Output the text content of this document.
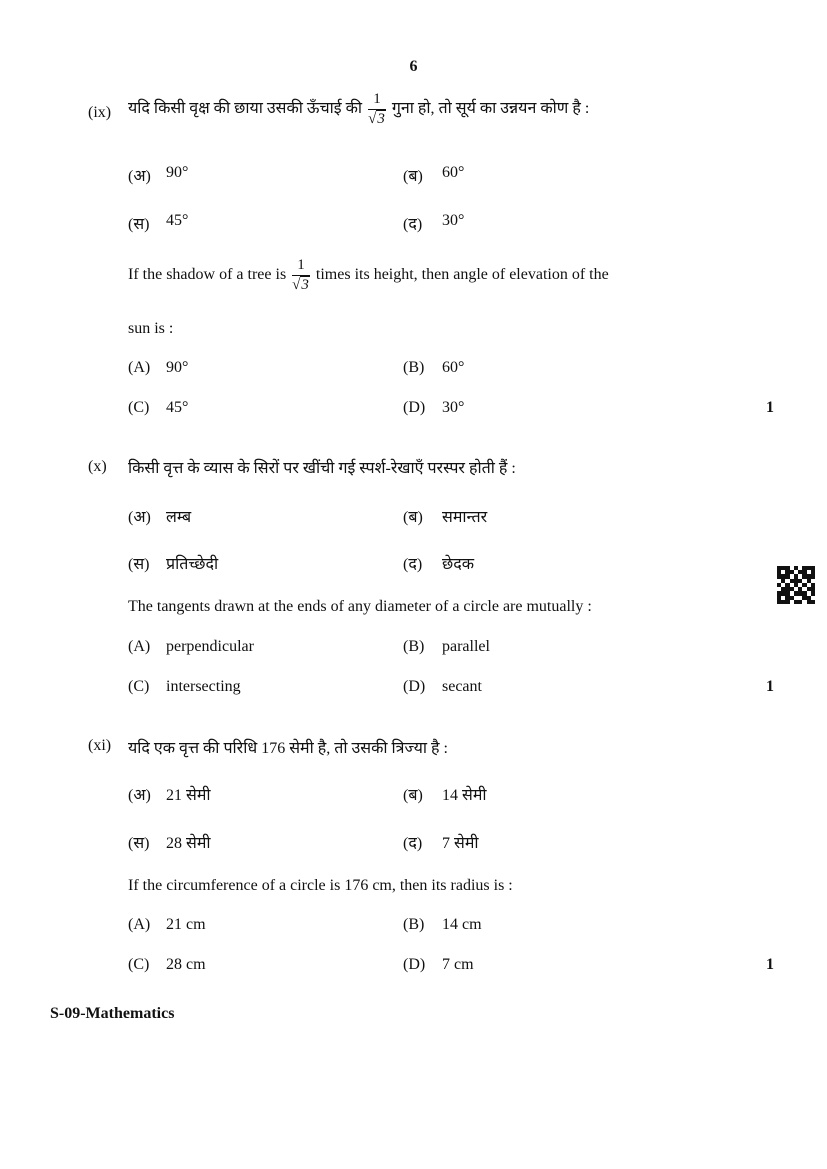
6
(ix) यदि किसी वृक्ष की छाया उसकी ऊँचाई की $\frac{1}{√3}$ गुना हो, तो सूर्य का उन्नयन कोण है :
(अ) 90°	(ब) 60°
(स) 45°	(द) 30°
If the shadow of a tree is $\frac{1}{√3}$ times its height, then angle of elevation of the
sun is :
(A) 90°	(B) 60°
(C) 45°	(D) 30°	1
(x) किसी वृत्त के व्यास के सिरों पर खींची गई स्पर्श-रेखाएँ परस्पर होती हैं :
(अ) लम्ब	(ब) समान्तर
(स) प्रतिच्छेदी	(द) छेदक
The tangents drawn at the ends of any diameter of a circle are mutually :
(A) perpendicular	(B) parallel
(C) intersecting	(D) secant	1
(xi) यदि एक वृत्त की परिधि 176 सेमी है, तो उसकी त्रिज्या है :
(अ) 21 सेमी	(ब) 14 सेमी
(स) 28 सेमी	(द) 7 सेमी
If the circumference of a circle is 176 cm, then its radius is :
(A) 21 cm	(B) 14 cm
(C) 28 cm	(D) 7 cm	1
S-09-Mathematics
